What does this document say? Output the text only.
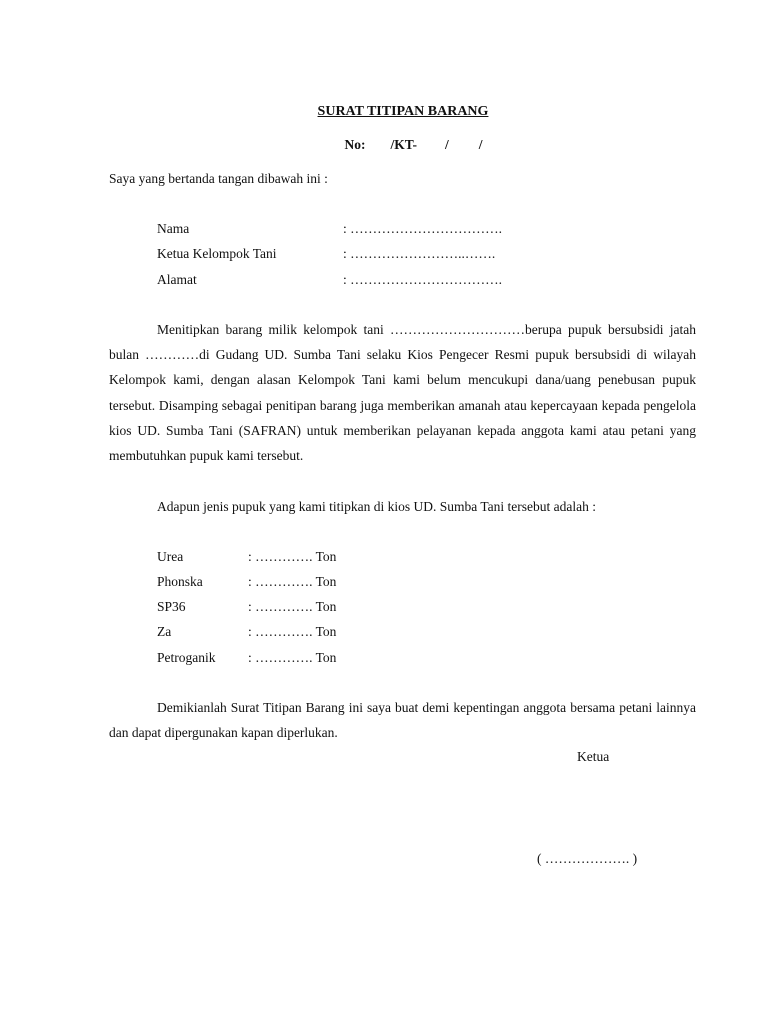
SURAT TITIPAN BARANG

No: /KT- / /

Saya yang bertanda tangan dibawah ini :
Nama	: …………………………….
Ketua Kelompok Tani	: ……………………..…….
Alamat	: …………………………….
Menitipkan barang milik kelompok tani …………………………berupa pupuk bersubsidi jatah bulan …………di Gudang UD. Sumba Tani selaku Kios Pengecer Resmi pupuk bersubsidi di wilayah Kelompok kami, dengan alasan Kelompok Tani kami belum mencukupi dana/uang penebusan pupuk tersebut. Disamping sebagai penitipan barang juga memberikan amanah atau kepercayaan kepada pengelola kios UD. Sumba Tani (SAFRAN) untuk memberikan pelayanan kepada anggota kami atau petani yang membutuhkan pupuk kami tersebut.
Adapun jenis pupuk yang kami titipkan di kios UD. Sumba Tani tersebut adalah :
Urea	: …………. Ton
Phonska	: …………. Ton
SP36	: …………. Ton
Za	: …………. Ton
Petroganik : …………. Ton
Demikianlah Surat Titipan Barang ini saya buat demi kepentingan anggota bersama petani lainnya dan dapat dipergunakan kapan diperlukan.
Ketua
( ………………. )
